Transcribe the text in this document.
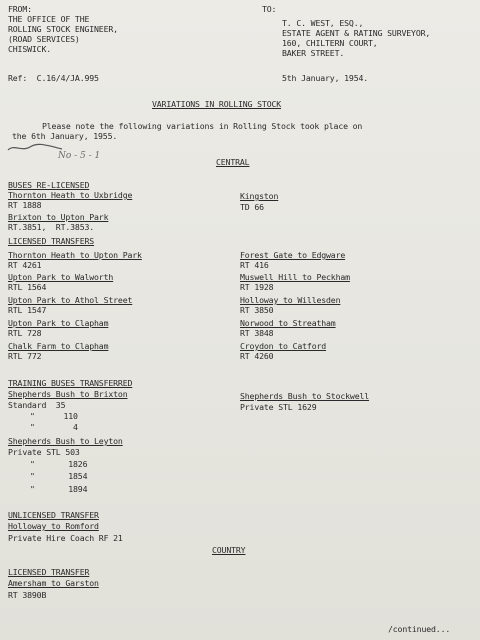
FROM:
THE OFFICE OF THE
ROLLING STOCK ENGINEER,
(ROAD SERVICES)
CHISWICK.
TO:
T. C. WEST, ESQ.,
ESTATE AGENT & RATING SURVEYOR,
160, CHILTERN COURT,
BAKER STREET.
Ref:  C.16/4/JA.995	5th January, 1954.
VARIATIONS IN ROLLING STOCK
Please note the following variations in Rolling Stock took place on
the 6th January, 1955.
No - 5 - 1
CENTRAL
BUSES RE-LICENSED
Thornton Heath to Uxbridge
RT 1888
Brixton to Upton Park
RT.3851,  RT.3853.
Kingston
TD 66
LICENSED TRANSFERS
Thornton Heath to Upton Park
RT 4261
Upton Park to Walworth
RTL 1564
Upton Park to Athol Street
RTL 1547
Upton Park to Clapham
RTL 728
Chalk Farm to Clapham
RTL 772
Forest Gate to Edgware
RT 416
Muswell Hill to Peckham
RT 1928
Holloway to Willesden
RT 3850
Norwood to Streatham
RT 3848
Croydon to Catford
RT 4260
TRAINING BUSES TRANSFERRED
Shepherds Bush to Brixton
Standard  35
"      110
"        4
Shepherds Bush to Leyton
Private STL 503
"       1826
"       1854
"       1894
Shepherds Bush to Stockwell
Private STL 1629
UNLICENSED TRANSFER
Holloway to Romford
Private Hire Coach RF 21
COUNTRY
LICENSED TRANSFER
Amersham to Garston
RT 3890B
/continued...
